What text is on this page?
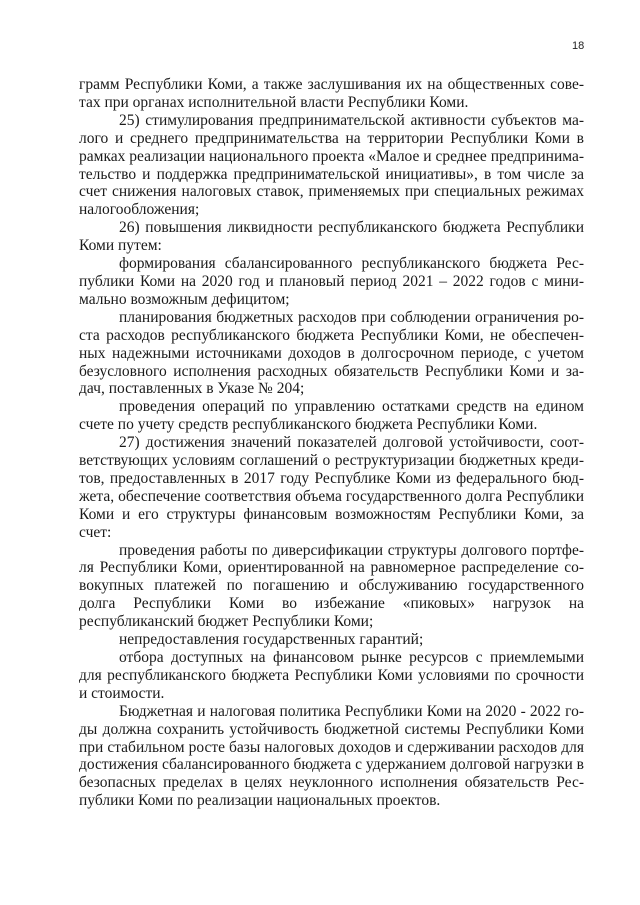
18

грамм Республики Коми, а также заслушивания их на общественных сове-тах при органах исполнительной власти Республики Коми.

25) стимулирования предпринимательской активности субъектов ма-лого и среднего предпринимательства на территории Республики Коми в рамках реализации национального проекта «Малое и среднее предпринима-тельство и поддержка предпринимательской инициативы», в том числе за счет снижения налоговых ставок, применяемых при специальных режимах налогообложения;

26) повышения ликвидности республиканского бюджета Республики Коми путем:

формирования сбалансированного республиканского бюджета Рес-публики Коми на 2020 год и плановый период 2021 – 2022 годов с мини-мально возможным дефицитом;

планирования бюджетных расходов при соблюдении ограничения ро-ста расходов республиканского бюджета Республики Коми, не обеспечен-ных надежными источниками доходов в долгосрочном периоде, с учетом безусловного исполнения расходных обязательств Республики Коми и за-дач, поставленных в Указе № 204;

проведения операций по управлению остатками средств на едином счете по учету средств республиканского бюджета Республики Коми.

27) достижения значений показателей долговой устойчивости, соот-ветствующих условиям соглашений о реструктуризации бюджетных креди-тов, предоставленных в 2017 году Республике Коми из федерального бюд-жета, обеспечение соответствия объема государственного долга Республики Коми и его структуры финансовым возможностям Республики Коми, за счет:

проведения работы по диверсификации структуры долгового портфе-ля Республики Коми, ориентированной на равномерное распределение со-вокупных платежей по погашению и обслуживанию государственного долга Республики Коми во избежание «пиковых» нагрузок на республиканский бюджет Республики Коми;

непредоставления государственных гарантий;

отбора доступных на финансовом рынке ресурсов с приемлемыми для республиканского бюджета Республики Коми условиями по срочности и стоимости.

Бюджетная и налоговая политика Республики Коми на 2020 - 2022 го-ды должна сохранить устойчивость бюджетной системы Республики Коми при стабильном росте базы налоговых доходов и сдерживании расходов для достижения сбалансированного бюджета с удержанием долговой нагрузки в безопасных пределах в целях неуклонного исполнения обязательств Рес-публики Коми по реализации национальных проектов.
